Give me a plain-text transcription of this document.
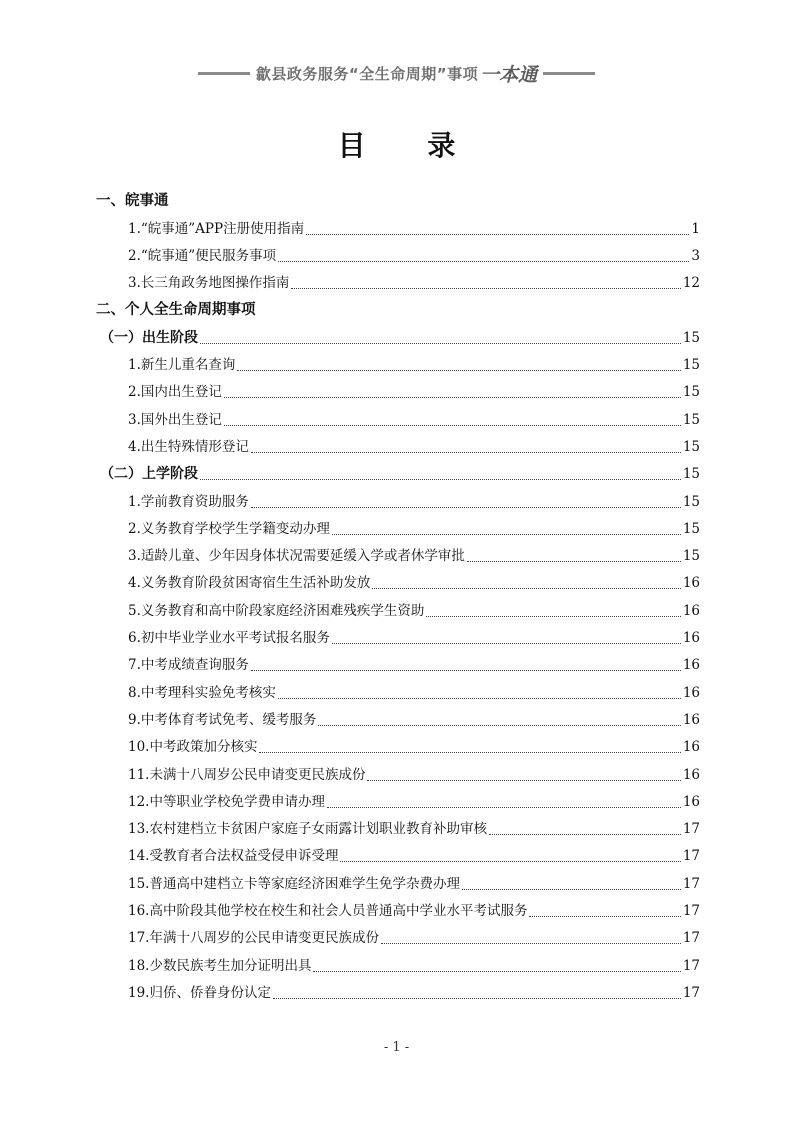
歙县政务服务“全生命周期”事项 一本通
目 录
一、皖事通
1.“皖事通”APP注册使用指南	1
2.“皖事通”便民服务事项	3
3.长三角政务地图操作指南	12
二、个人全生命周期事项
（一）出生阶段	15
1.新生儿重名查询	15
2.国内出生登记	15
3.国外出生登记	15
4.出生特殊情形登记	15
（二）上学阶段	15
1.学前教育资助服务	15
2.义务教育学校学生学籍变动办理	15
3.适龄儿童、少年因身体状况需要延缓入学或者休学审批	15
4.义务教育阶段贫困寄宿生生活补助发放	16
5.义务教育和高中阶段家庭经济困难残疾学生资助	16
6.初中毕业学业水平考试报名服务	16
7.中考成绩查询服务	16
8.中考理科实验免考核实	16
9.中考体育考试免考、缓考服务	16
10.中考政策加分核实	16
11.未满十八周岁公民申请变更民族成份	16
12.中等职业学校免学费申请办理	16
13.农村建档立卡贫困户家庭子女雨露计划职业教育补助审核	17
14.受教育者合法权益受侵申诉受理	17
15.普通高中建档立卡等家庭经济困难学生免学杂费办理	17
16.高中阶段其他学校在校生和社会人员普通高中学业水平考试服务	17
17.年满十八周岁的公民申请变更民族成份	17
18.少数民族考生加分证明出具	17
19.归侨、侨眷身份认定	17
- 1 -
